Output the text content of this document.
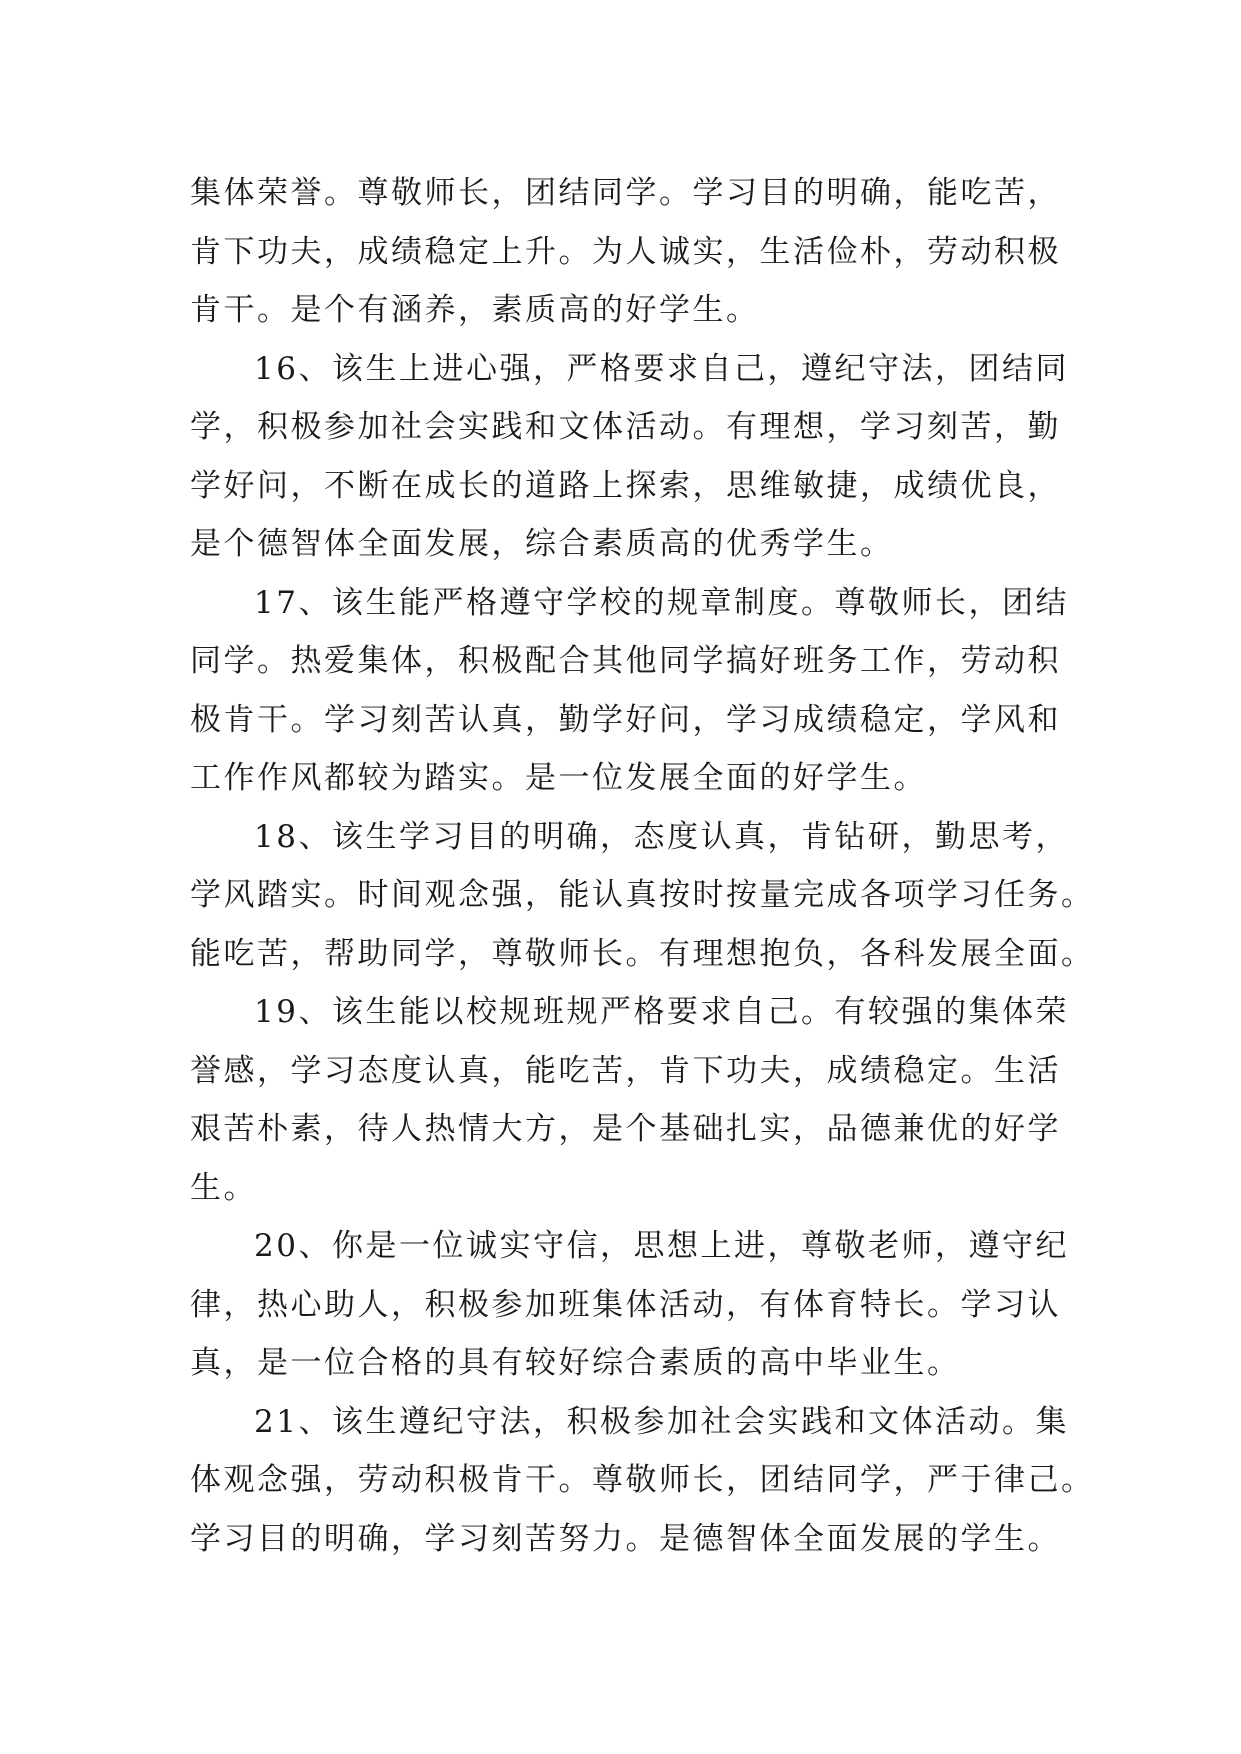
集体荣誉。尊敬师长，团结同学。学习目的明确，能吃苦，
肯下功夫，成绩稳定上升。为人诚实，生活俭朴，劳动积极
肯干。是个有涵养，素质高的好学生。
16、该生上进心强，严格要求自己，遵纪守法，团结同
学，积极参加社会实践和文体活动。有理想，学习刻苦，勤
学好问，不断在成长的道路上探索，思维敏捷，成绩优良，
是个德智体全面发展，综合素质高的优秀学生。
17、该生能严格遵守学校的规章制度。尊敬师长，团结
同学。热爱集体，积极配合其他同学搞好班务工作，劳动积
极肯干。学习刻苦认真，勤学好问，学习成绩稳定，学风和
工作作风都较为踏实。是一位发展全面的好学生。
18、该生学习目的明确，态度认真，肯钻研，勤思考，
学风踏实。时间观念强，能认真按时按量完成各项学习任务。
能吃苦，帮助同学，尊敬师长。有理想抱负，各科发展全面。
19、该生能以校规班规严格要求自己。有较强的集体荣
誉感，学习态度认真，能吃苦，肯下功夫，成绩稳定。生活
艰苦朴素，待人热情大方，是个基础扎实，品德兼优的好学
生。
20、你是一位诚实守信，思想上进，尊敬老师，遵守纪
律，热心助人，积极参加班集体活动，有体育特长。学习认
真，是一位合格的具有较好综合素质的高中毕业生。
21、该生遵纪守法，积极参加社会实践和文体活动。集
体观念强，劳动积极肯干。尊敬师长，团结同学，严于律己。
学习目的明确，学习刻苦努力。是德智体全面发展的学生。
